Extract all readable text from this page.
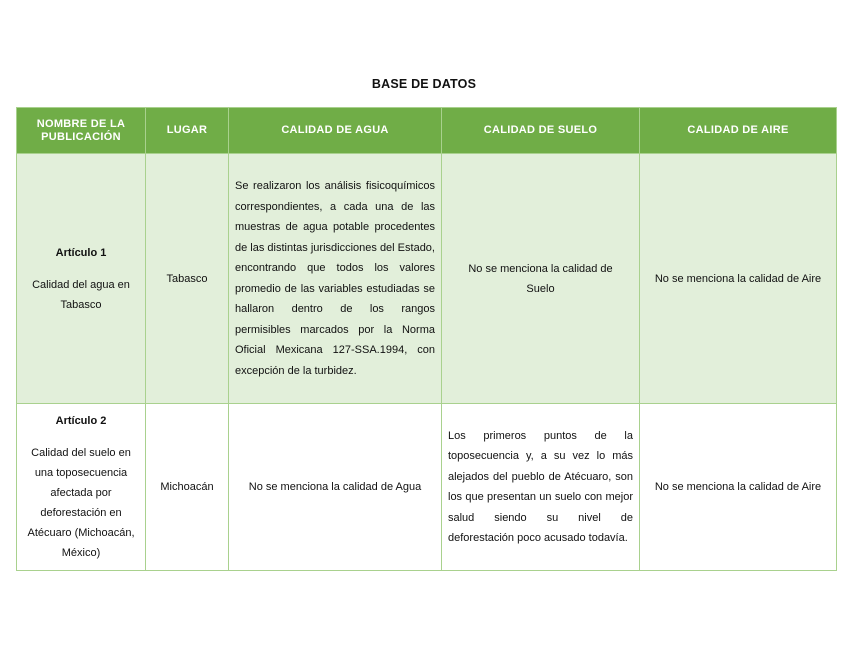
BASE DE DATOS
NOMBRE DE LA PUBLICACIÓN	LUGAR	CALIDAD DE AGUA	CALIDAD DE SUELO	CALIDAD DE AIRE

Artículo 1
Calidad del agua en Tabasco	Tabasco	Se realizaron los análisis fisicoquímicos correspondientes, a cada una de las muestras de agua potable procedentes de las distintas jurisdicciones del Estado, encontrando que todos los valores promedio de las variables estudiadas se hallaron dentro de los rangos permisibles marcados por la Norma Oficial Mexicana 127-SSA.1994, con excepción de la turbidez.	No se menciona la calidad de Suelo	No se menciona la calidad de Aire

Artículo 2
Calidad del suelo en una toposecuencia afectada por deforestación en Atécuaro (Michoacán, México)	Michoacán	No se menciona la calidad de Agua	Los primeros puntos de la toposecuencia y, a su vez lo más alejados del pueblo de Atécuaro, son los que presentan un suelo con mejor salud siendo su nivel de deforestación poco acusado todavía.	No se menciona la calidad de Aire
